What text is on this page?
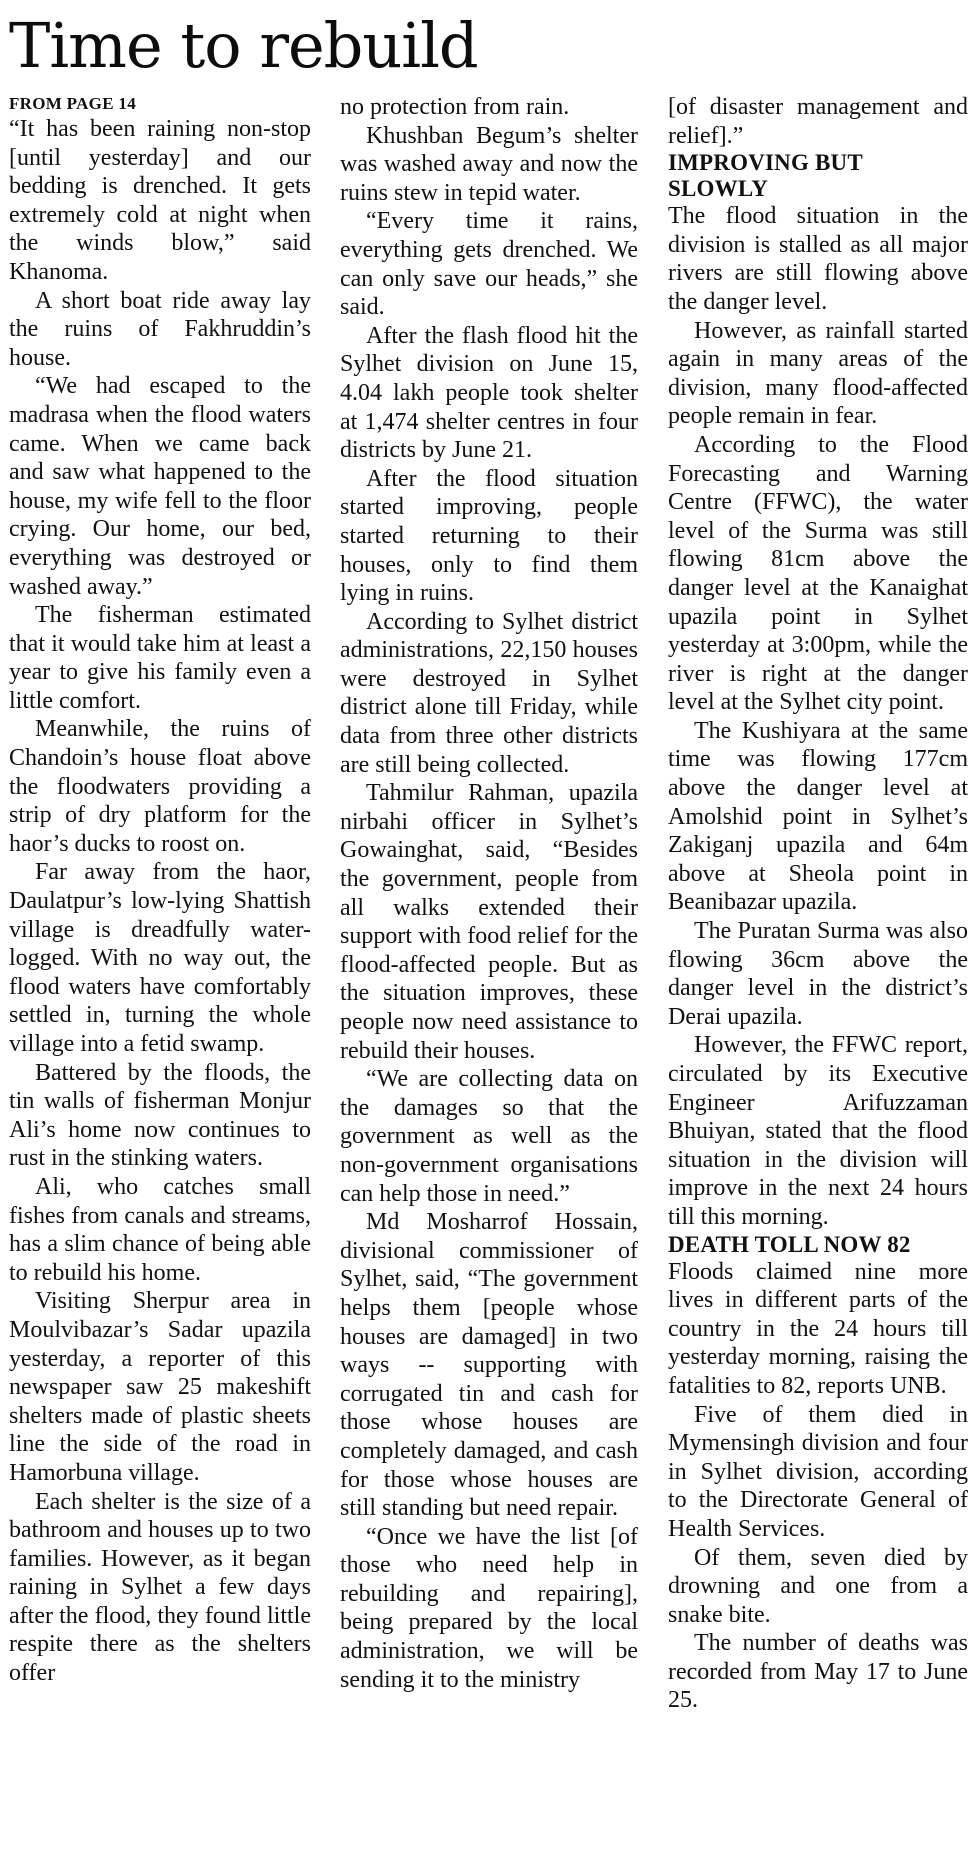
Time to rebuild
FROM PAGE 14

“It has been raining non-stop [until yesterday] and our bedding is drenched. It gets extremely cold at night when the winds blow,” said Khanoma.

A short boat ride away lay the ruins of Fakhruddin’s house.

“We had escaped to the madrasa when the flood waters came. When we came back and saw what happened to the house, my wife fell to the floor crying. Our home, our bed, everything was destroyed or washed away.”

The fisherman estimated that it would take him at least a year to give his family even a little comfort.

Meanwhile, the ruins of Chandoin’s house float above the floodwaters providing a strip of dry platform for the haor’s ducks to roost on.

Far away from the haor, Daulatpur’s low-lying Shattish village is dreadfully water-logged. With no way out, the flood waters have comfortably settled in, turning the whole village into a fetid swamp.

Battered by the floods, the tin walls of fisherman Monjur Ali’s home now continues to rust in the stinking waters.

Ali, who catches small fishes from canals and streams, has a slim chance of being able to rebuild his home.

Visiting Sherpur area in Moulvibazar’s Sadar upazila yesterday, a reporter of this newspaper saw 25 makeshift shelters made of plastic sheets line the side of the road in Hamorbuna village.

Each shelter is the size of a bathroom and houses up to two families. However, as it began raining in Sylhet a few days after the flood, they found little respite there as the shelters offer

no protection from rain.

Khushban Begum’s shelter was washed away and now the ruins stew in tepid water.

“Every time it rains, everything gets drenched. We can only save our heads,” she said.

After the flash flood hit the Sylhet division on June 15, 4.04 lakh people took shelter at 1,474 shelter centres in four districts by June 21.

After the flood situation started improving, people started returning to their houses, only to find them lying in ruins.

According to Sylhet district administrations, 22,150 houses were destroyed in Sylhet district alone till Friday, while data from three other districts are still being collected.

Tahmilur Rahman, upazila nirbahi officer in Sylhet’s Gowainghat, said, “Besides the government, people from all walks extended their support with food relief for the flood-affected people. But as the situation improves, these people now need assistance to rebuild their houses.

“We are collecting data on the damages so that the government as well as the non-government organisations can help those in need.”

Md Mosharrof Hossain, divisional commissioner of Sylhet, said, “The government helps them [people whose houses are damaged] in two ways -- supporting with corrugated tin and cash for those whose houses are completely damaged, and cash for those whose houses are still standing but need repair.

“Once we have the list [of those who need help in rebuilding and repairing], being prepared by the local administration, we will be sending it to the ministry

[of disaster management and relief].”

IMPROVING BUT SLOWLY

The flood situation in the division is stalled as all major rivers are still flowing above the danger level.

However, as rainfall started again in many areas of the division, many flood-affected people remain in fear.

According to the Flood Forecasting and Warning Centre (FFWC), the water level of the Surma was still flowing 81cm above the danger level at the Kanaighat upazila point in Sylhet yesterday at 3:00pm, while the river is right at the danger level at the Sylhet city point.

The Kushiyara at the same time was flowing 177cm above the danger level at Amolshid point in Sylhet’s Zakiganj upazila and 64m above at Sheola point in Beanibazar upazila.

The Puratan Surma was also flowing 36cm above the danger level in the district’s Derai upazila.

However, the FFWC report, circulated by its Executive Engineer Arifuzzaman Bhuiyan, stated that the flood situation in the division will improve in the next 24 hours till this morning.

DEATH TOLL NOW 82

Floods claimed nine more lives in different parts of the country in the 24 hours till yesterday morning, raising the fatalities to 82, reports UNB.

Five of them died in Mymensingh division and four in Sylhet division, according to the Directorate General of Health Services.

Of them, seven died by drowning and one from a snake bite.

The number of deaths was recorded from May 17 to June 25.
